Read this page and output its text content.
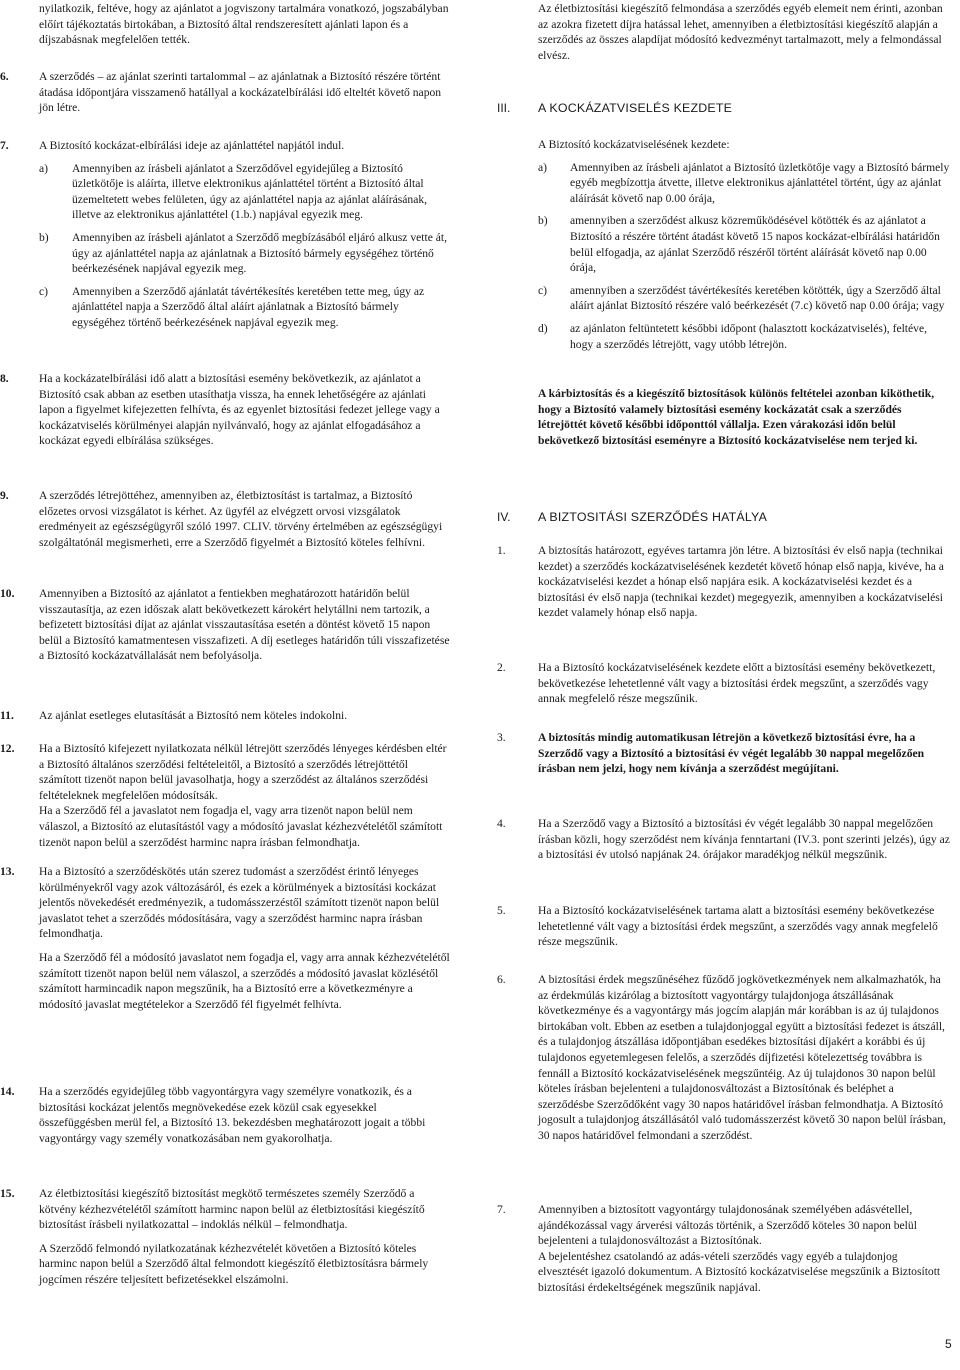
nyilatkozik, feltéve, hogy az ajánlatot a jogviszony tartalmára vonatkozó, jogszabályban előírt tájékoztatás birtokában, a Biztosító által rendszeresített ajánlati lapon és a díjszabásnak megfelelően tették.

6.	A szerződés – az ajánlat szerinti tartalommal – az ajánlatnak a Biztosító részére történt átadása időpontjára visszamenő hatállyal a kockázatelbírálási idő elteltét követő napon jön létre.

7.	A Biztosító kockázat-elbírálási ideje az ajánlattétel napjától indul.

a) Amennyiben az írásbeli ajánlatot a Szerződővel egyidejűleg a Biztosító üzletkötője is aláírta, illetve elektronikus ajánlattétel történt a Biztosító által üzemeltetett webes felületen, úgy az ajánlattétel napja az ajánlat aláírásának, illetve az elektronikus ajánlattétel (1.b.) napjával egyezik meg.

b) Amennyiben az írásbeli ajánlatot a Szerződő megbízásából eljáró alkusz vette át, úgy az ajánlattétel napja az ajánlatnak a Biztosító bármely egységéhez történő beérkezésének napjával egyezik meg.

c) Amennyiben a Szerződő ajánlatát távértékesítés keretében tette meg, úgy az ajánlattétel napja a Szerződő által aláírt ajánlatnak a Biztosító bármely egységéhez történő beérkezésének napjával egyezik meg.

8.	Ha a kockázatelbírálási idő alatt a biztosítási esemény bekövetkezik, az ajánlatot a Biztosító csak abban az esetben utasíthatja vissza, ha ennek lehetőségére az ajánlati lapon a figyelmet kifejezetten felhívta, és az egyenlet biztosítási fedezet jellege vagy a kockázatviselés körülményei alapján nyilvánvaló, hogy az ajánlat elfogadásához a kockázat egyedi elbírálása szükséges.

9.	A szerződés létrejöttéhez, amennyiben az, életbiztosítást is tartalmaz, a Biztosító előzetes orvosi vizsgálatot is kérhet. Az ügyfél az elvégzett orvosi vizsgálatok eredményeit az egészségügyről szóló 1997. CLIV. törvény értelmében az egészségügyi szolgáltatónál megismerheti, erre a Szerződő figyelmét a Biztosító köteles felhívni.

10. Amennyiben a Biztosító az ajánlatot a fentiekben meghatározott határidőn belül visszautasítja, az ezen időszak alatt bekövetkezett károkért helytállni nem tartozik, a befizetett biztosítási díjat az ajánlat visszautasítása esetén a döntést követő 15 napon belül a Biztosító kamatmentesen visszafizeti. A díj esetleges határidőn túli visszafizetése a Biztosító kockázatvállalását nem befolyásolja.

11. Az ajánlat esetleges elutasítását a Biztosító nem köteles indokolni.

12. Ha a Biztosító kifejezett nyilatkozata nélkül létrejött szerződés lényeges kérdésben eltér a Biztosító általános szerződési feltételeitől, a Biztosító a szerződés létrejöttétől számított tizenöt napon belül javasolhatja, hogy a szerződést az általános szerződési feltételeknek megfelelően módosítsák.

Ha a Szerződő fél a javaslatot nem fogadja el, vagy arra tizenöt napon belül nem válaszol, a Biztosító az elutasítástól vagy a módosító javaslat kézhezvételétől számított tizenöt napon belül a szerződést harminc napra írásban felmondhatja.

13. Ha a Biztosító a szerződéskötés után szerez tudomást a szerződést érintő lényeges körülményekről vagy azok változásáról, és ezek a körülmények a biztosítási kockázat jelentős növekedését eredményezik, a tudomásszerzéstől számított tizenöt napon belül javaslatot tehet a szerződés módosítására, vagy a szerződést harminc napra írásban felmondhatja.

Ha a Szerződő fél a módosító javaslatot nem fogadja el, vagy arra annak kézhezvételétől számított tizenöt napon belül nem válaszol, a szerződés a módosító javaslat közlésétől számított harmincadik napon megszűnik, ha a Biztosító erre a következményre a módosító javaslat megtételekor a Szerződő fél figyelmét felhívta.

14. Ha a szerződés egyidejűleg több vagyontárgyra vagy személyre vonatkozik, és a biztosítási kockázat jelentős megnövekedése ezek közül csak egyesekkel összefüggésben merül fel, a Biztosító 13. bekezdésben meghatározott jogait a többi vagyontárgy vagy személy vonatkozásában nem gyakorolhatja.

15. Az életbiztosítási kiegészítő biztosítást megkötő természetes személy Szerződő a kötvény kézhezvételétől számított harminc napon belül az életbiztosítási kiegészítő biztosítást írásbeli nyilatkozattal – indoklás nélkül – felmondhatja.

A Szerződő felmondó nyilatkozatának kézhezvételét követően a Biztosító köteles harminc napon belül a Szerződő által felmondott kiegészítő életbiztosításra bármely jogcímen részére teljesített befizetésekkel elszámolni.

Az életbiztosítási kiegészítő felmondása a szerződés egyéb elemeit nem érinti, azonban az azokra fizetett díjra hatással lehet, amennyiben a életbiztosítási kiegészítő alapján a szerződés az összes alapdíjat módosító kedvezményt tartalmazott, mely a felmondással elvész.

III. A KOCKÁZATVISELÉS KEZDETE

A Biztosító kockázatviselésének kezdete:

a) Amennyiben az írásbeli ajánlatot a Biztosító üzletkötője vagy a Biztosító bármely egyéb megbízottja átvette, illetve elektronikus ajánlattétel történt, úgy az ajánlat aláírását követő nap 0.00 órája,

b) amennyiben a szerződést alkusz közreműködésével kötötték és az ajánlatot a Biztosító a részére történt átadást követő 15 napos kockázat-elbírálási határidőn belül elfogadja, az ajánlat Szerződő részéről történt aláírását követő nap 0.00 órája,

c) amennyiben a szerződést távértékesítés keretében kötötték, úgy a Szerződő által aláírt ajánlat Biztosító részére való beérkezését (7.c) követő nap 0.00 órája; vagy

d) az ajánlaton feltüntetett későbbi időpont (halasztott kockázatviselés), feltéve, hogy a szerződés létrejött, vagy utóbb létrejön.

A kárbiztosítás és a kiegészítő biztosítások különös feltételei azonban kiköthetik, hogy a Biztosító valamely biztosítási esemény kockázatát csak a szerződés létrejöttét követő későbbi időponttól vállalja. Ezen várakozási időn belül bekövetkező biztosítási eseményre a Biztosító kockázatviselése nem terjed ki.

IV. A BIZTOSITÁSI SZERZŐDÉS HATÁLYA

1.	A biztosítás határozott, egyéves tartamra jön létre. A biztosítási év első napja (technikai kezdet) a szerződés kockázatviselésének kezdetét követő hónap első napja, kivéve, ha a kockázatviselési kezdet a hónap első napjára esik. A kockázatviselési kezdet és a biztosítási év első napja (technikai kezdet) megegyezik, amennyiben a kockázatviselési kezdet valamely hónap első napja.

2.	Ha a Biztosító kockázatviselésének kezdete előtt a biztosítási esemény bekövetkezett, bekövetkezése lehetetlenné vált vagy a biztosítási érdek megszűnt, a szerződés vagy annak megfelelő része megszűnik.

3.	A biztosítás mindig automatikusan létrejön a következő biztosítási évre, ha a Szerződő vagy a Biztosító a biztosítási év végét legalább 30 nappal megelőzően írásban nem jelzi, hogy nem kívánja a szerződést megújítani.

4.	Ha a Szerződő vagy a Biztosító a biztosítási év végét legalább 30 nappal megelőzően írásban közli, hogy szerződést nem kívánja fenntartani (IV.3. pont szerinti jelzés), úgy az a biztosítási év utolsó napjának 24. órájakor maradékjog nélkül megszűnik.

5.	Ha a Biztosító kockázatviselésének tartama alatt a biztosítási esemény bekövetkezése lehetetlenné vált vagy a biztosítási érdek megszűnt, a szerződés vagy annak megfelelő része megszűnik.

6.	A biztosítási érdek megszűnéséhez fűződő jogkövetkezmények nem alkalmazhatók, ha az érdekmúlás kizárólag a biztosított vagyontárgy tulajdonjoga átszállásának következménye és a vagyontárgy más jogcím alapján már korábban is az új tulajdonos birtokában volt. Ebben az esetben a tulajdonjoggal együtt a biztosítási fedezet is átszáll, és a tulajdonjog átszállása időpontjában esedékes biztosítási díjakért a korábbi és új tulajdonos egyetemlegesen felelős, a szerződés díjfizetési kötelezettség továbbra is fennáll a Biztosító kockázatviselésének megszűntéig. Az új tulajdonos 30 napon belül köteles írásban bejelenteni a tulajdonosváltozást a Biztosítónak és beléphet a szerződésbe Szerződőként vagy 30 napos határidővel írásban felmondhatja. A Biztosító jogosult a tulajdonjog átszállásától való tudomásszerzést követő 30 napon belül írásban, 30 napos határidővel felmondani a szerződést.

7.	Amennyiben a biztosított vagyontárgy tulajdonosának személyében adásvétellel, ajándékozással vagy árverési változás történik, a Szerződő köteles 30 napon belül bejelenteni a tulajdonosváltozást a Biztosítónak.

A bejelentéshez csatolandó az adás-vételi szerződés vagy egyéb a tulajdonjog elvesztését igazoló dokumentum. A Biztosító kockázatviselése megszűnik a Biztosított biztosítási érdekeltségének megszűnik napjával.

5
